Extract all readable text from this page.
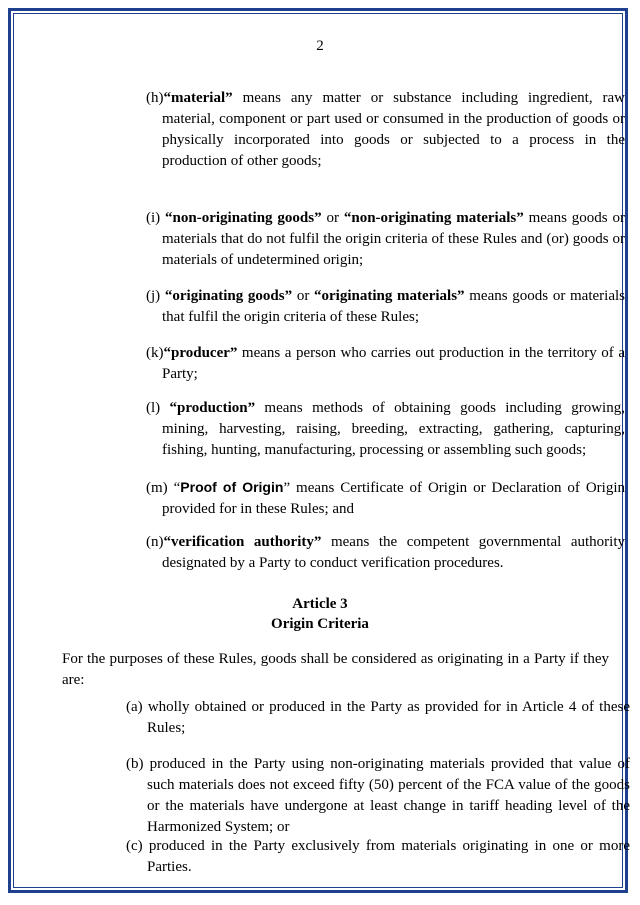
2
(h)“material” means any matter or substance including ingredient, raw material, component or part used or consumed in the production of goods or physically incorporated into goods or subjected to a process in the production of other goods;
(i) “non-originating goods” or “non-originating materials” means goods or materials that do not fulfil the origin criteria of these Rules and (or) goods or materials of undetermined origin;
(j) “originating goods” or “originating materials” means goods or materials that fulfil the origin criteria of these Rules;
(k)“producer” means a person who carries out production in the territory of a Party;
(l) “production” means methods of obtaining goods including growing, mining, harvesting, raising, breeding, extracting, gathering, capturing, fishing, hunting, manufacturing, processing or assembling such goods;
(m) “Proof of Origin” means Certificate of Origin or Declaration of Origin provided for in these Rules; and
(n)“verification authority” means the competent governmental authority designated by a Party to conduct verification procedures.
Article 3
Origin Criteria
For the purposes of these Rules, goods shall be considered as originating in a Party if they are:
(a) wholly obtained or produced in the Party as provided for in Article 4 of these Rules;
(b) produced in the Party using non-originating materials provided that value of such materials does not exceed fifty (50) percent of the FCA value of the goods or the materials have undergone at least change in tariff heading level of the Harmonized System; or
(c) produced in the Party exclusively from materials originating in one or more Parties.
